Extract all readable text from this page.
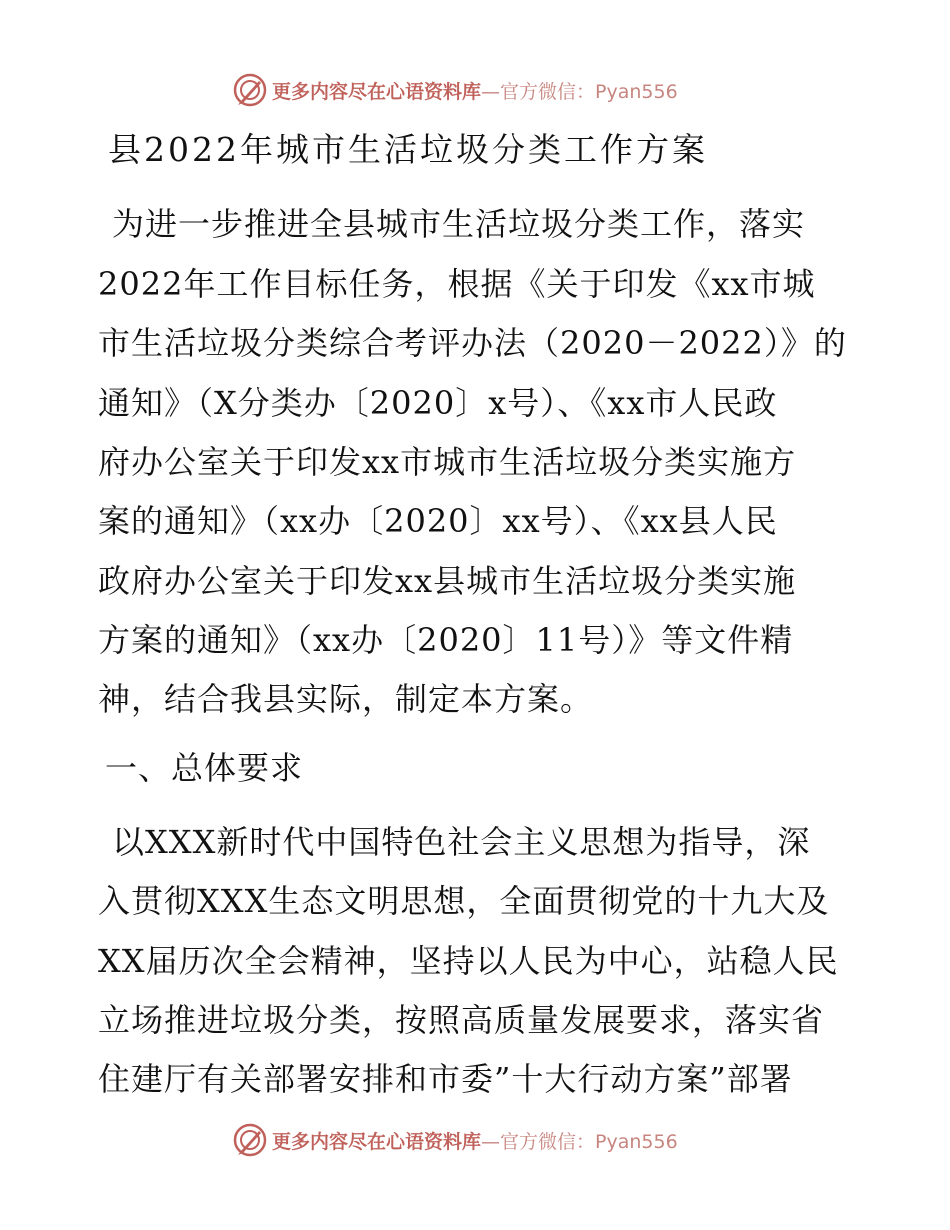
更多内容尽在心语资料库—官方微信：Pyan556
县2022年城市生活垃圾分类工作方案
为进一步推进全县城市生活垃圾分类工作，落实
2022年工作目标任务，根据《关于印发《xx市城
市生活垃圾分类综合考评办法（2020－2022）》的
通知》（X分类办〔2020〕x号）、《xx市人民政
府办公室关于印发xx市城市生活垃圾分类实施方
案的通知》（xx办〔2020〕xx号）、《xx县人民
政府办公室关于印发xx县城市生活垃圾分类实施
方案的通知》（xx办〔2020〕11号）》等文件精
神，结合我县实际，制定本方案。
一、总体要求
以XXX新时代中国特色社会主义思想为指导，深
入贯彻XXX生态文明思想，全面贯彻党的十九大及
XX届历次全会精神，坚持以人民为中心，站稳人民
立场推进垃圾分类，按照高质量发展要求，落实省
住建厅有关部署安排和市委”十大行动方案”部署
更多内容尽在心语资料库—官方微信：Pyan556
